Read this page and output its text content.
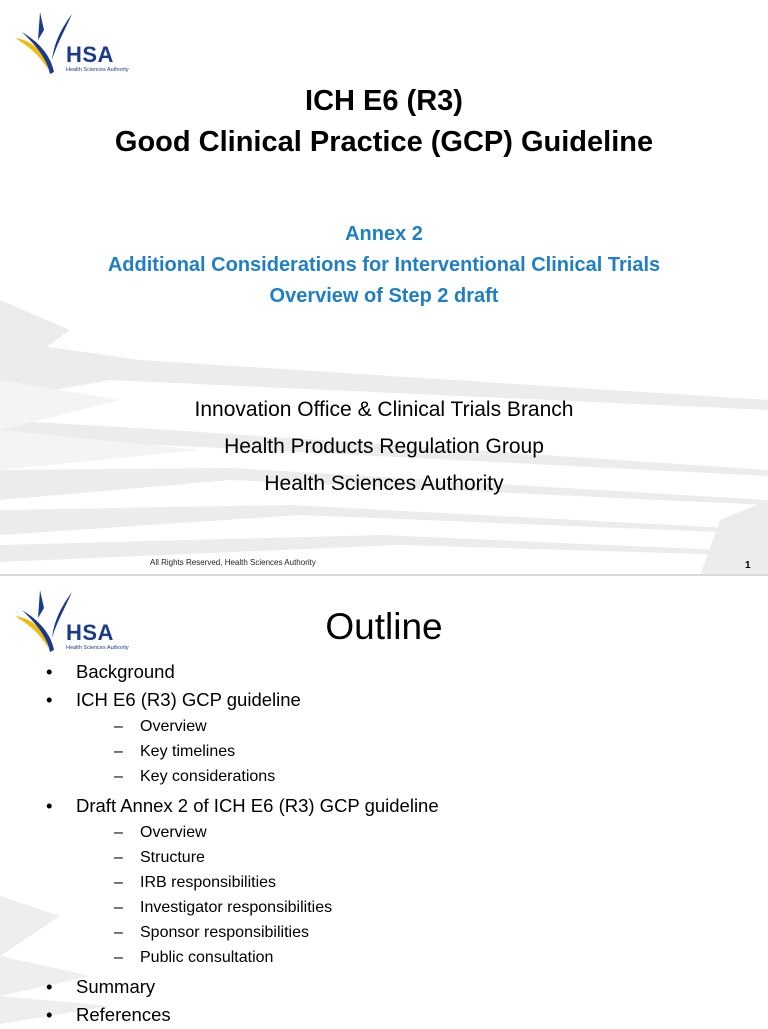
HSA
Health Sciences Authority
ICH E6 (R3)
Good Clinical Practice (GCP) Guideline
Annex 2
Additional Considerations for Interventional Clinical Trials
Overview of Step 2 draft
Innovation Office & Clinical Trials Branch
Health Products Regulation Group
Health Sciences Authority
All Rights Reserved, Health Sciences Authority	1
HSA
Health Sciences Authority
Outline
• Background
• ICH E6 (R3) GCP guideline
– Overview
– Key timelines
– Key considerations
• Draft Annex 2 of ICH E6 (R3) GCP guideline
– Overview
– Structure
– IRB responsibilities
– Investigator responsibilities
– Sponsor responsibilities
– Public consultation
• Summary
• References
